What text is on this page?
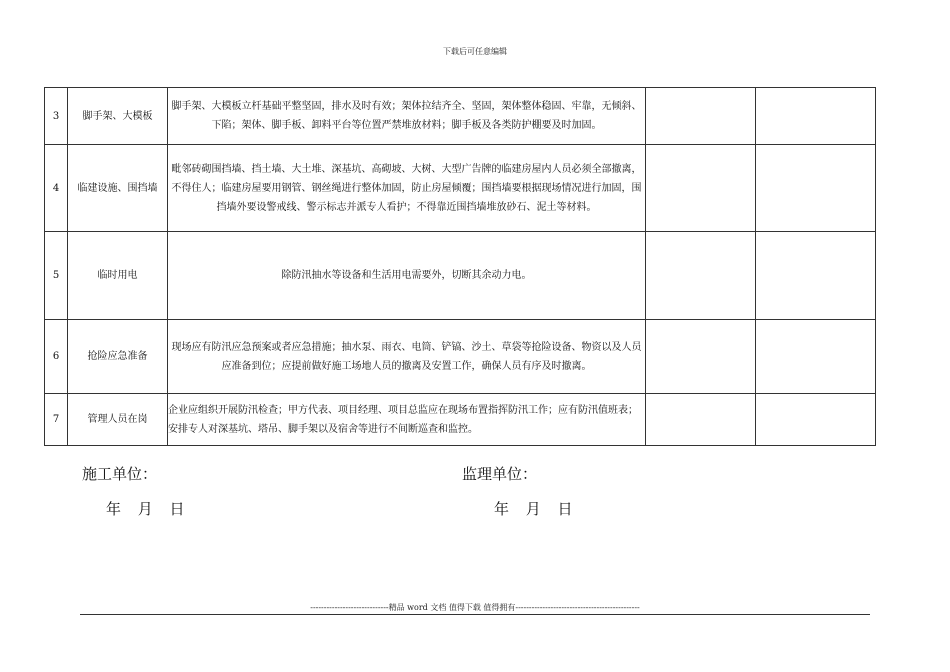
下载后可任意编辑
3	脚手架、大模板	脚手架、大模板立杆基础平整坚固，排水及时有效；架体拉结齐全、坚固，架体整体稳固、牢靠，无倾斜、下陷；架体、脚手板、卸料平台等位置严禁堆放材料；脚手板及各类防护棚要及时加固。		
4	临建设施、围挡墙	毗邻砖砌围挡墙、挡土墙、大土堆、深基坑、高砌坡、大树、大型广告牌的临建房屋内人员必须全部撤离，不得住人；临建房屋要用钢管、钢丝绳进行整体加固，防止房屋倾覆；围挡墙要根据现场情况进行加固，围挡墙外要设警戒线、警示标志并派专人看护；不得靠近围挡墙堆放砂石、泥土等材料。		
5	临时用电	除防汛抽水等设备和生活用电需要外，切断其余动力电。		
6	抢险应急准备	现场应有防汛应急预案或者应急措施；抽水泵、雨衣、电筒、铲镐、沙土、草袋等抢险设备、物资以及人员应准备到位；应提前做好施工场地人员的撤离及安置工作，确保人员有序及时撤离。		
7	管理人员在岗	企业应组织开展防汛检查；甲方代表、项目经理、项目总监应在现场布置指挥防汛工作；应有防汛值班表；安排专人对深基坑、塔吊、脚手架以及宿舍等进行不间断巡查和监控。		
施工单位：	监理单位：
年 月 日	年 月 日
-----------------------------精品 word 文档 值得下载 值得拥有----------------------------------------------
